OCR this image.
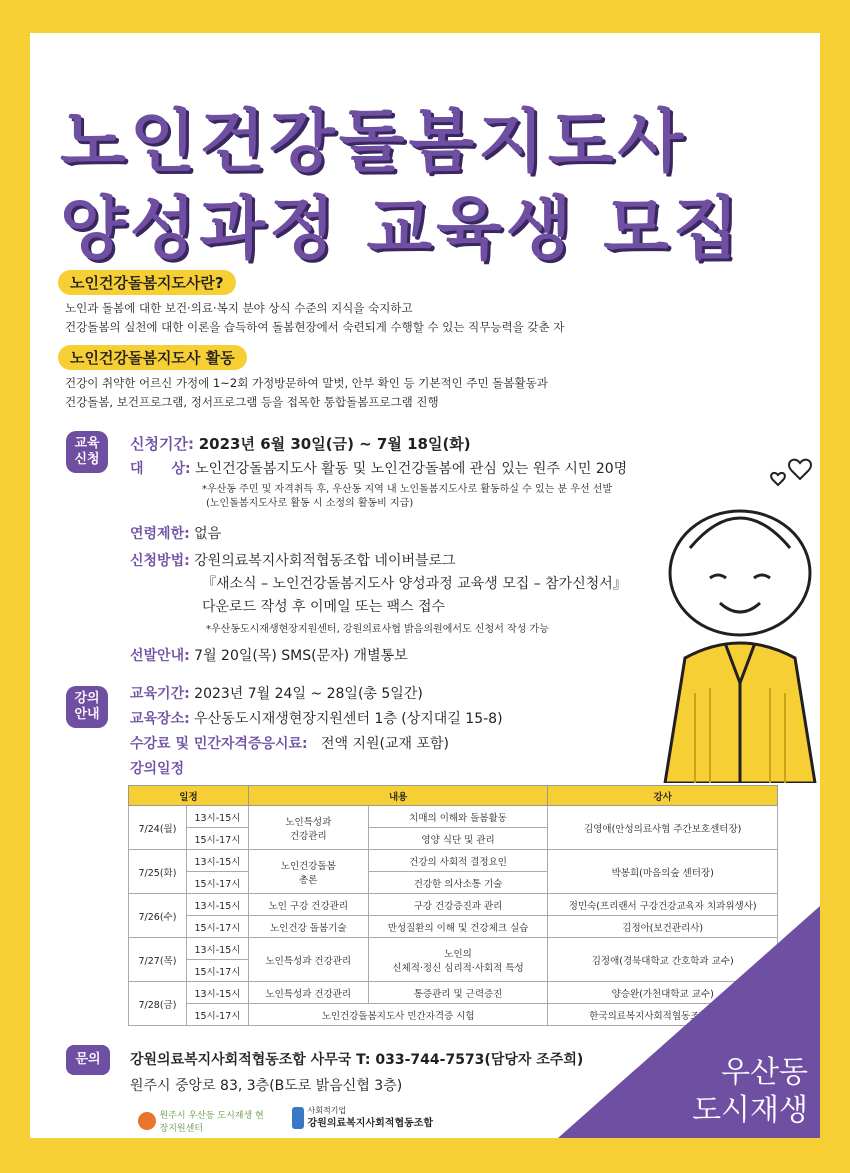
노인건강돌봄지도사
양성과정 교육생 모집
노인건강돌봄지도사란?
노인과 돌봄에 대한 보건·의료·복지 분야 상식 수준의 지식을 숙지하고
건강돌봄의 실천에 대한 이론을 습득하여 돌봄현장에서 숙련되게 수행할 수 있는 직무능력을 갖춘 자
노인건강돌봄지도사 활동
건강이 취약한 어르신 가정에 1~2회 가정방문하여 말벗, 안부 확인 등 기본적인 주민 돌봄활동과
건강돌봄, 보건프로그램, 정서프로그램 등을 접목한 통합돌봄프로그램 진행
교육
신청
신청기간: 2023년 6월 30일(금) ~ 7월 18일(화)
대　　상: 노인건강돌봄지도사 활동 및 노인건강돌봄에 관심 있는 원주 시민 20명
*우산동 주민 및 자격취득 후, 우산동 지역 내 노인돌봄지도사로 활동하실 수 있는 분 우선 선발
(노인돌봄지도사로 활동 시 소정의 활동비 지급)
연령제한: 없음
신청방법: 강원의료복지사회적협동조합 네이버블로그
『새소식 – 노인건강돌봄지도사 양성과정 교육생 모집 – 참가신청서』
다운로드 작성 후 이메일 또는 팩스 접수
*우산동도시재생현장지원센터, 강원의료사협 밝음의원에서도 신청서 작성 가능
선발안내: 7월 20일(목) SMS(문자) 개별통보
강의
안내
교육기간: 2023년 7월 24일 ~ 28일(총 5일간)
교육장소: 우산동도시재생현장지원센터 1층 (상지대길 15-8)
수강료 및 민간자격증응시료: 전액 지원(교재 포함)
강의일정
일정		내용		강사
7/24(월)	13시-15시	노인특성과
건강관리	치매의 이해와 돌봄활동	김영애(안성의료사협 주간보호센터장)
	15시-17시		영양 식단 및 관리	
7/25(화)	13시-15시	노인건강돌봄
총론	건강의 사회적 결정요인	박봉희(마음의숲 센터장)
	15시-17시		건강한 의사소통 기술	
7/26(수)	13시-15시	노인 구강 건강관리	구강 건강증진과 관리	정민숙(프리랜서 구강건강교육자 치과위생사)
	15시-17시	노인건강 돌봄기술	만성질환의 이해 및 건강체크 실습	김정아(보건관리사)
7/27(목)	13시-15시	노인특성과 건강관리	노인의
신체적·정신 심리적·사회적 특성	김정애(경북대학교 간호학과 교수)
	15시-17시			
7/28(금)	13시-15시	노인특성과 건강관리	통증관리 및 근력증진	양승완(가천대학교 교수)
	15시-17시	노인건강돌봄지도사 민간자격증 시험		한국의료복지사회적협동조합연합회
문의	강원의료복지사회적협동조합 사무국 T: 033-744-7573(담당자 조주희)
원주시 중앙로 83, 3층(B도로 밝음신협 3층)
원주시 우산동 도시재생 현장지원센터

사회적기업
강원의료복지사회적협동조합
우산동
도시재생
